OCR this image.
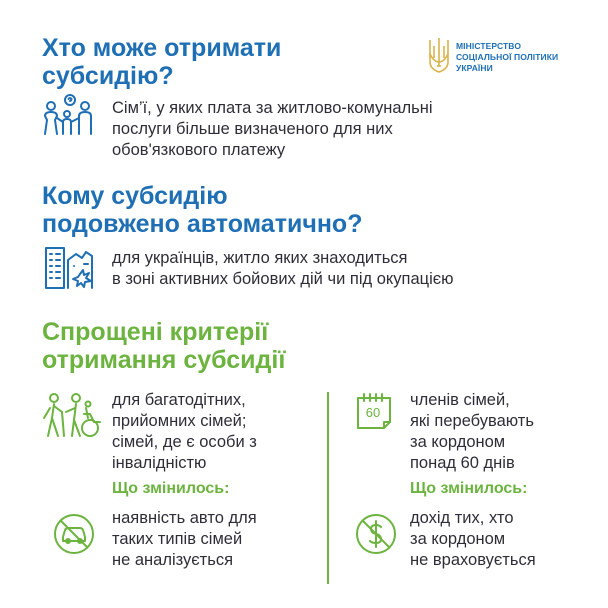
МІНІСТЕРСТВО
СОЦІАЛЬНОЇ ПОЛІТИКИ
УКРАЇНИ
Хто може отримати
субсидію?
Сім’ї, у яких плата за житлово-комунальні
послуги більше визначеного для них
обов'язкового платежу
Кому субсидію
подовжено автоматично?
для українців, житло яких знаходиться
в зоні активних бойових дій чи під окупацією
Спрощені критерії
отримання субсидії
для багатодітних,
прийомних сімей;
сімей, де є особи з
інвалідністю
Що змінилось:
наявність авто для
таких типів сімей
не аналізується
60
членів сімей,
які перебувають
за кордоном
понад 60 днів
Що змінилось:
дохід тих, хто
за кордоном
не враховується
